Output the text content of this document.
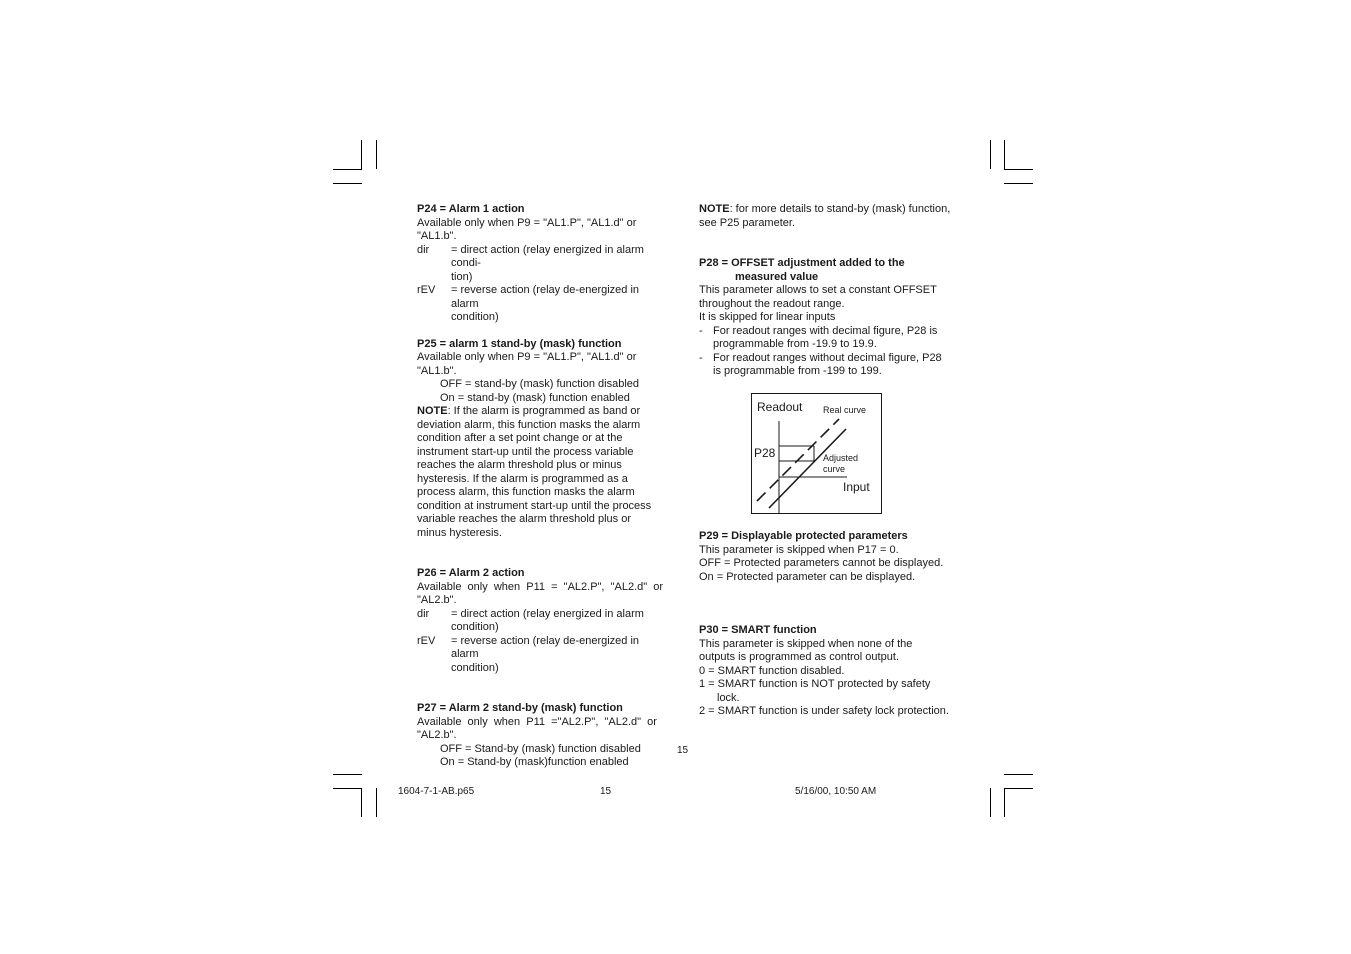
P24 = Alarm 1 action
Available only when P9 = "AL1.P", "AL1.d" or
"AL1.b".
dir	= direct action (relay energized in alarm condi-
tion)
rEV	= reverse action (relay de-energized in alarm
condition)
P25 = alarm 1 stand-by (mask) function
Available only when P9 = "AL1.P", "AL1.d" or
"AL1.b".
OFF = stand-by (mask) function disabled
On = stand-by (mask) function enabled
NOTE: If the alarm is programmed as band or
deviation alarm, this function masks the alarm
condition after a set point change or at the
instrument start-up until the process variable
reaches the alarm threshold plus or minus
hysteresis. If the alarm is programmed as a
process alarm, this function masks the alarm
condition at instrument start-up until the process
variable reaches the alarm threshold plus or
minus hysteresis.
P26 = Alarm 2 action
Available  only  when  P11  =  "AL2.P",  "AL2.d"  or
"AL2.b".
dir	= direct action (relay energized in alarm
condition)
rEV	= reverse action (relay de-energized in alarm
condition)
P27 = Alarm 2 stand-by (mask) function
Available  only  when  P11  ="AL2.P",  "AL2.d"  or
"AL2.b".
OFF = Stand-by (mask) function disabled
On = Stand-by (mask)function enabled
NOTE: for more details to stand-by (mask) function,
see P25 parameter.
P28 = OFFSET adjustment added to the
measured value
This parameter allows to set a constant OFFSET
throughout the readout range.
It is skipped for linear inputs
- For readout ranges with decimal figure, P28 is
programmable from -19.9 to 19.9.
- For readout ranges without decimal figure, P28
is programmable from -199 to 199.
Readout Real curve
P28	Adjusted
curve
Input
P29 = Displayable protected parameters
This parameter is skipped when P17 = 0.
OFF = Protected parameters cannot be displayed.
On = Protected parameter can be displayed.
P30 = SMART function
This parameter is skipped when none of the
outputs is programmed as control output.
0 = SMART function disabled.
1 = SMART function is NOT protected by safety
lock.
2 = SMART function is under safety lock protection.
15
1604-7-1-AB.p65	15	5/16/00, 10:50 AM
